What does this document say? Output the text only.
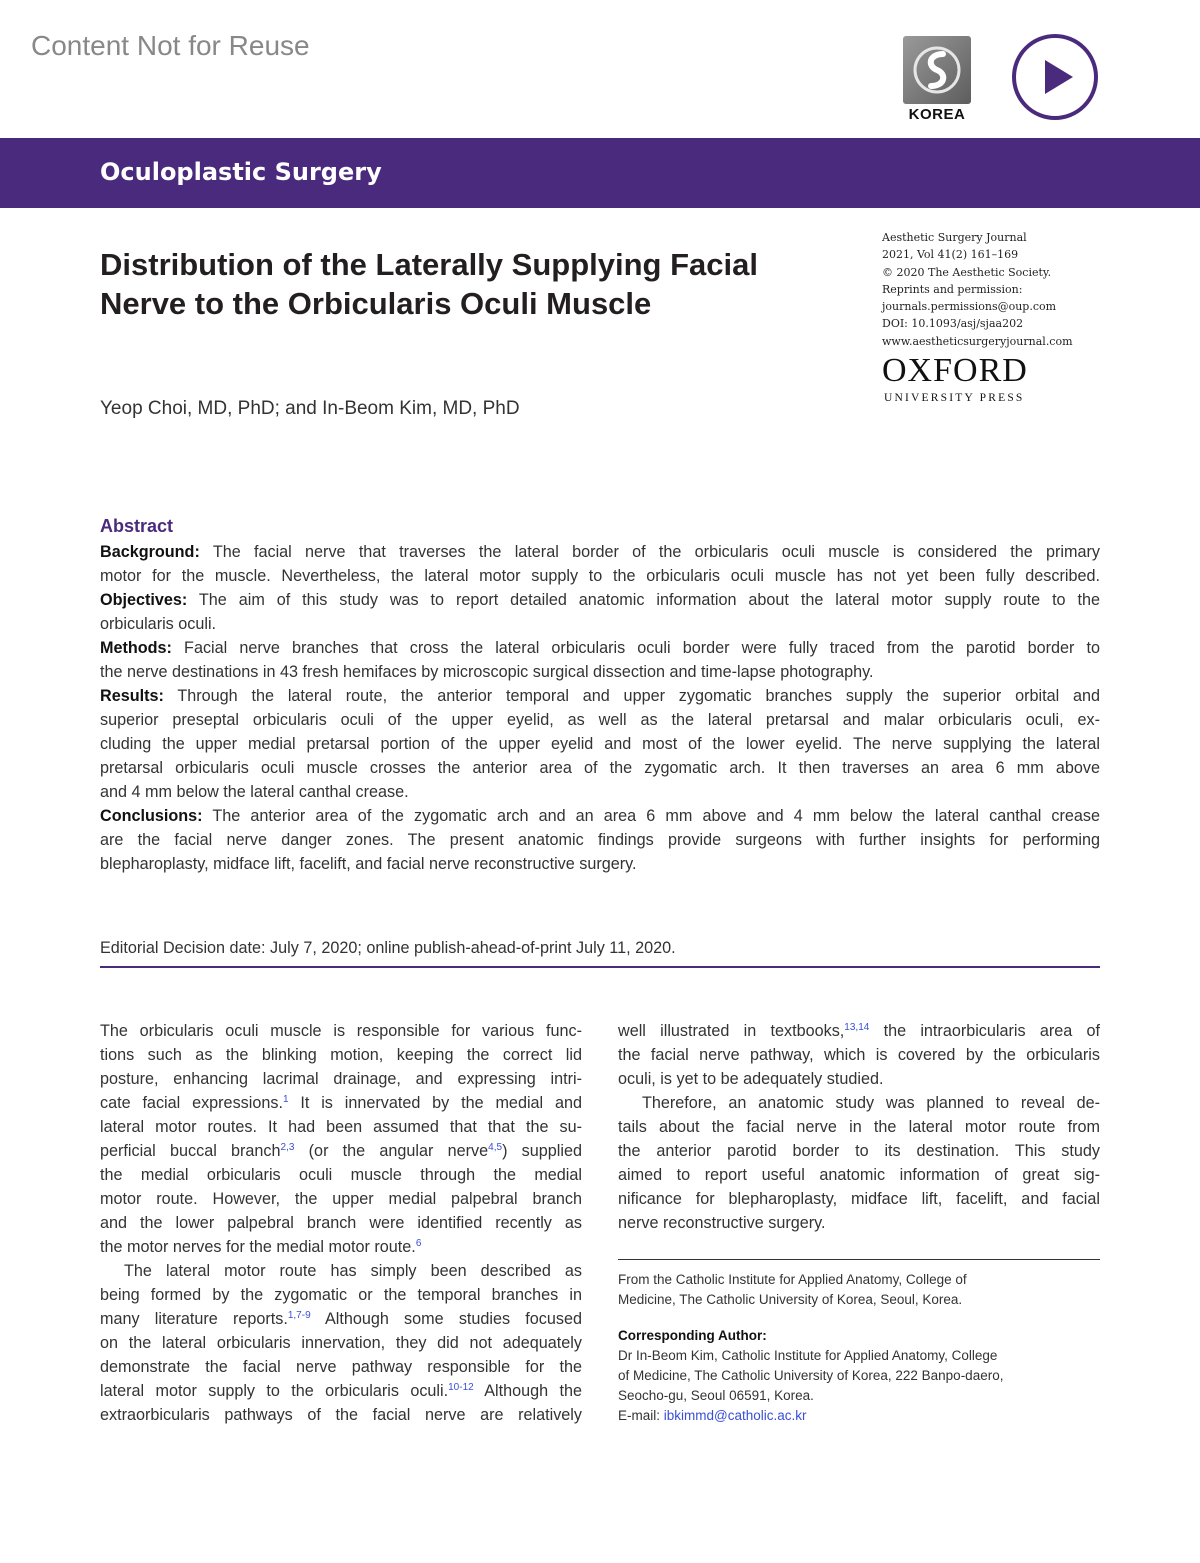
Content Not for Reuse
KOREA
Oculoplastic Surgery
Distribution of the Laterally Supplying Facial
Nerve to the Orbicularis Oculi Muscle
Aesthetic Surgery Journal
2021, Vol 41(2) 161–169
© 2020 The Aesthetic Society.
Reprints and permission:
journals.permissions@oup.com
DOI: 10.1093/asj/sjaa202
www.aestheticsurgeryjournal.com
OXFORD
UNIVERSITY PRESS
Yeop Choi, MD, PhD; and In-Beom Kim, MD, PhD
Abstract
Background: The facial nerve that traverses the lateral border of the orbicularis oculi muscle is considered the primary
motor for the muscle. Nevertheless, the lateral motor supply to the orbicularis oculi muscle has not yet been fully described.
Objectives: The aim of this study was to report detailed anatomic information about the lateral motor supply route to the
orbicularis oculi.
Methods: Facial nerve branches that cross the lateral orbicularis oculi border were fully traced from the parotid border to
the nerve destinations in 43 fresh hemifaces by microscopic surgical dissection and time-lapse photography.
Results: Through the lateral route, the anterior temporal and upper zygomatic branches supply the superior orbital and
superior preseptal orbicularis oculi of the upper eyelid, as well as the lateral pretarsal and malar orbicularis oculi, ex-
cluding the upper medial pretarsal portion of the upper eyelid and most of the lower eyelid. The nerve supplying the lateral
pretarsal orbicularis oculi muscle crosses the anterior area of the zygomatic arch. It then traverses an area 6 mm above
and 4 mm below the lateral canthal crease.
Conclusions: The anterior area of the zygomatic arch and an area 6 mm above and 4 mm below the lateral canthal crease
are the facial nerve danger zones. The present anatomic findings provide surgeons with further insights for performing
blepharoplasty, midface lift, facelift, and facial nerve reconstructive surgery.
Editorial Decision date: July 7, 2020; online publish-ahead-of-print July 11, 2020.
The orbicularis oculi muscle is responsible for various func-
tions such as the blinking motion, keeping the correct lid
posture, enhancing lacrimal drainage, and expressing intri-
cate facial expressions.$^1$ It is innervated by the medial and
lateral motor routes. It had been assumed that that the su-
perficial buccal branch$^{2,3}$ (or the angular nerve$^{4,5}$) supplied
the medial orbicularis oculi muscle through the medial
motor route. However, the upper medial palpebral branch
and the lower palpebral branch were identified recently as
the motor nerves for the medial motor route.$^6$
The lateral motor route has simply been described as
being formed by the zygomatic or the temporal branches in
many literature reports.$^{1,7-9}$ Although some studies focused
on the lateral orbicularis innervation, they did not adequately
demonstrate the facial nerve pathway responsible for the
lateral motor supply to the orbicularis oculi.$^{10-12}$ Although the
extraorbicularis pathways of the facial nerve are relatively
well illustrated in textbooks,$^{13,14}$ the intraorbicularis area of
the facial nerve pathway, which is covered by the orbicularis
oculi, is yet to be adequately studied.
Therefore, an anatomic study was planned to reveal de-
tails about the facial nerve in the lateral motor route from
the anterior parotid border to its destination. This study
aimed to report useful anatomic information of great sig-
nificance for blepharoplasty, midface lift, facelift, and facial
nerve reconstructive surgery.
From the Catholic Institute for Applied Anatomy, College of
Medicine, The Catholic University of Korea, Seoul, Korea.
Corresponding Author:
Dr In-Beom Kim, Catholic Institute for Applied Anatomy, College
of Medicine, The Catholic University of Korea, 222 Banpo-daero,
Seocho-gu, Seoul 06591, Korea.
E-mail: ibkimmd@catholic.ac.kr
